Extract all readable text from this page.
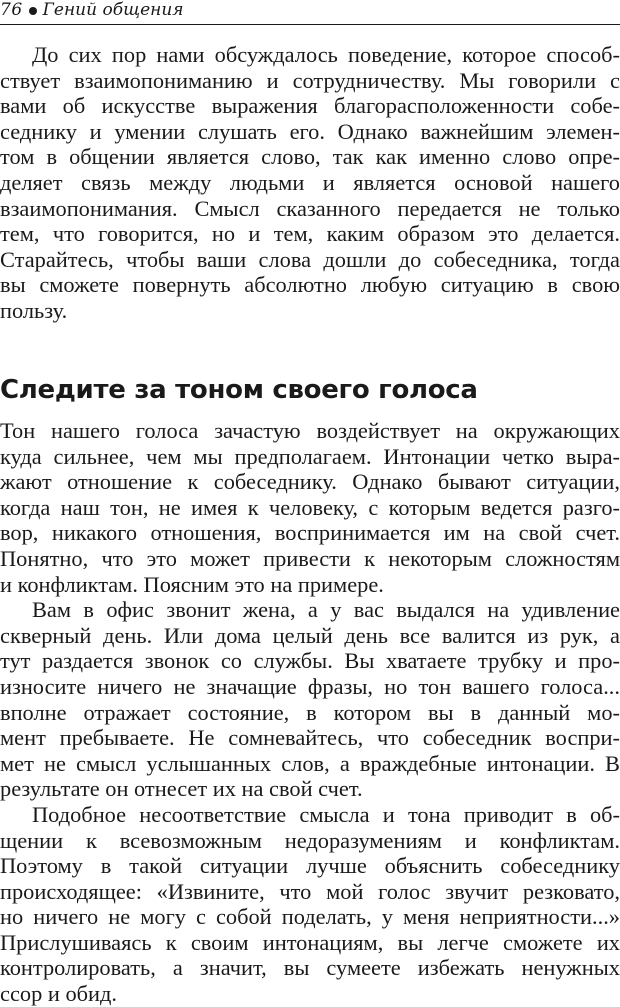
76 Гений общения
До сих пор нами обсуждалось поведение, которое способ-
ствует взаимопониманию и сотрудничеству. Мы говорили с
вами об искусстве выражения благорасположенности собе-
седнику и умении слушать его. Однако важнейшим элемен-
том в общении является слово, так как именно слово опре-
деляет связь между людьми и является основой нашего
взаимопонимания. Смысл сказанного передается не только
тем, что говорится, но и тем, каким образом это делается.
Старайтесь, чтобы ваши слова дошли до собеседника, тогда
вы сможете повернуть абсолютно любую ситуацию в свою
пользу.
Следите за тоном своего голоса
Тон нашего голоса зачастую воздействует на окружающих
куда сильнее, чем мы предполагаем. Интонации четко выра-
жают отношение к собеседнику. Однако бывают ситуации,
когда наш тон, не имея к человеку, с которым ведется разго-
вор, никакого отношения, воспринимается им на свой счет.
Понятно, что это может привести к некоторым сложностям
и конфликтам. Поясним это на примере.
Вам в офис звонит жена, а у вас выдался на удивление
скверный день. Или дома целый день все валится из рук, а
тут раздается звонок со службы. Вы хватаете трубку и про-
износите ничего не значащие фразы, но тон вашего голоса...
вполне отражает состояние, в котором вы в данный мо-
мент пребываете. Не сомневайтесь, что собеседник воспри-
мет не смысл услышанных слов, а враждебные интонации. В
результате он отнесет их на свой счет.
Подобное несоответствие смысла и тона приводит в об-
щении к всевозможным недоразумениям и конфликтам.
Поэтому в такой ситуации лучше объяснить собеседнику
происходящее: «Извините, что мой голос звучит резковато,
но ничего не могу с собой поделать, у меня неприятности...»
Прислушиваясь к своим интонациям, вы легче сможете их
контролировать, а значит, вы сумеете избежать ненужных
ссор и обид.
